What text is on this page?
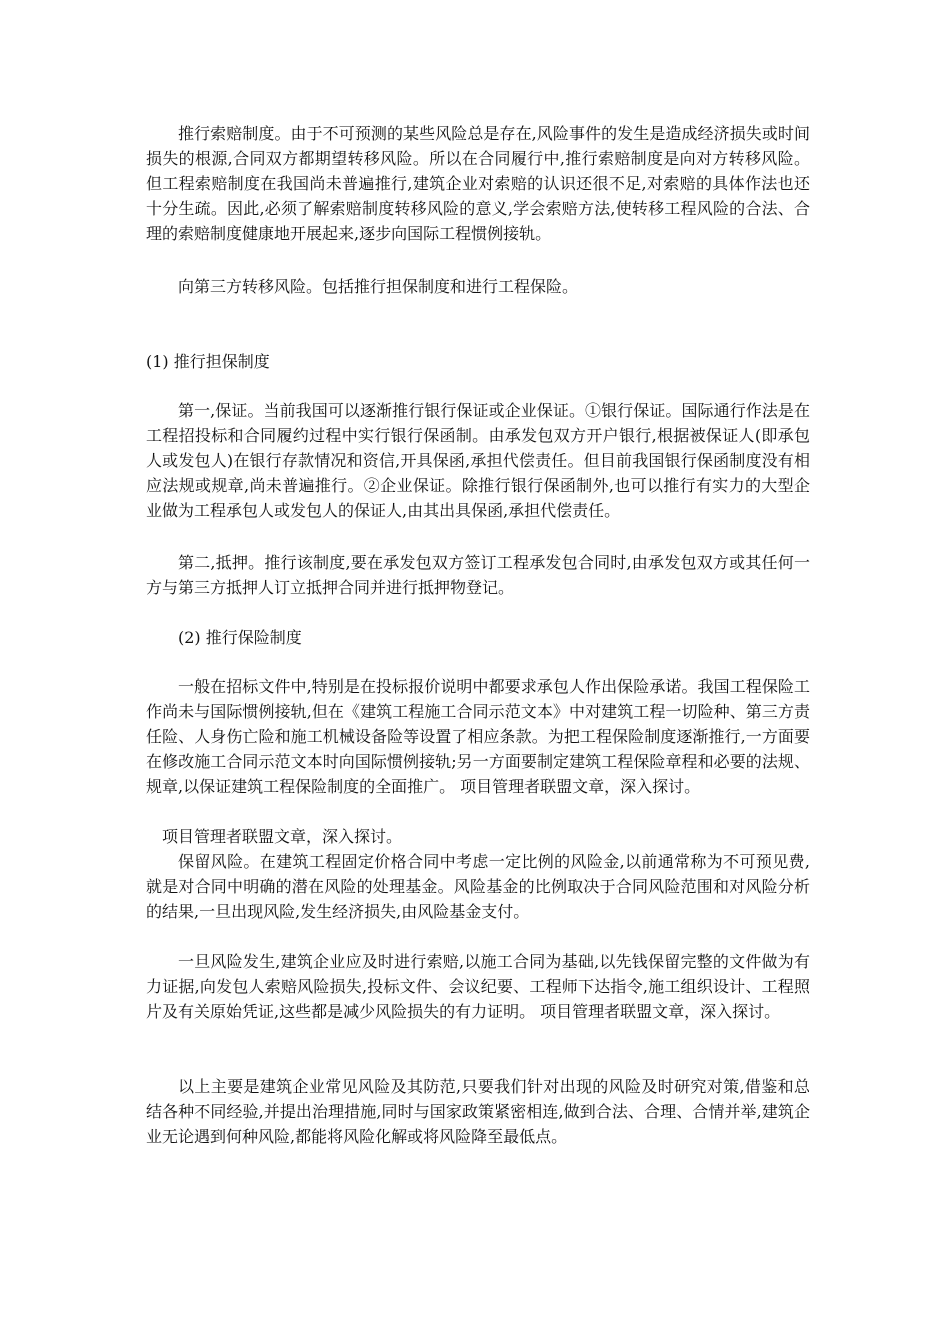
推行索赔制度。由于不可预测的某些风险总是存在,风险事件的发生是造成经济损失或时间损失的根源,合同双方都期望转移风险。所以在合同履行中,推行索赔制度是向对方转移风险。但工程索赔制度在我国尚未普遍推行,建筑企业对索赔的认识还很不足,对索赔的具体作法也还十分生疏。因此,必须了解索赔制度转移风险的意义,学会索赔方法,使转移工程风险的合法、合理的索赔制度健康地开展起来,逐步向国际工程惯例接轨。

向第三方转移风险。包括推行担保制度和进行工程保险。

(1) 推行担保制度

第一,保证。当前我国可以逐渐推行银行保证或企业保证。①银行保证。国际通行作法是在工程招投标和合同履约过程中实行银行保函制。由承发包双方开户银行,根据被保证人(即承包人或发包人)在银行存款情况和资信,开具保函,承担代偿责任。但目前我国银行保函制度没有相应法规或规章,尚未普遍推行。②企业保证。除推行银行保函制外,也可以推行有实力的大型企业做为工程承包人或发包人的保证人,由其出具保函,承担代偿责任。

第二,抵押。推行该制度,要在承发包双方签订工程承发包合同时,由承发包双方或其任何一方与第三方抵押人订立抵押合同并进行抵押物登记。

(2) 推行保险制度

一般在招标文件中,特别是在投标报价说明中都要求承包人作出保险承诺。我国工程保险工作尚未与国际惯例接轨,但在《建筑工程施工合同示范文本》中对建筑工程一切险种、第三方责任险、人身伤亡险和施工机械设备险等设置了相应条款。为把工程保险制度逐渐推行,一方面要在修改施工合同示范文本时向国际惯例接轨;另一方面要制定建筑工程保险章程和必要的法规、规章,以保证建筑工程保险制度的全面推广。 项目管理者联盟文章，深入探讨。

项目管理者联盟文章，深入探讨。

保留风险。在建筑工程固定价格合同中考虑一定比例的风险金,以前通常称为不可预见费,就是对合同中明确的潜在风险的处理基金。风险基金的比例取决于合同风险范围和对风险分析的结果,一旦出现风险,发生经济损失,由风险基金支付。

一旦风险发生,建筑企业应及时进行索赔,以施工合同为基础,以先钱保留完整的文件做为有力证据,向发包人索赔风险损失,投标文件、会议纪要、工程师下达指令,施工组织设计、工程照片及有关原始凭证,这些都是减少风险损失的有力证明。 项目管理者联盟文章，深入探讨。

以上主要是建筑企业常见风险及其防范,只要我们针对出现的风险及时研究对策,借鉴和总结各种不同经验,并提出治理措施,同时与国家政策紧密相连,做到合法、合理、合情并举,建筑企业无论遇到何种风险,都能将风险化解或将风险降至最低点。
